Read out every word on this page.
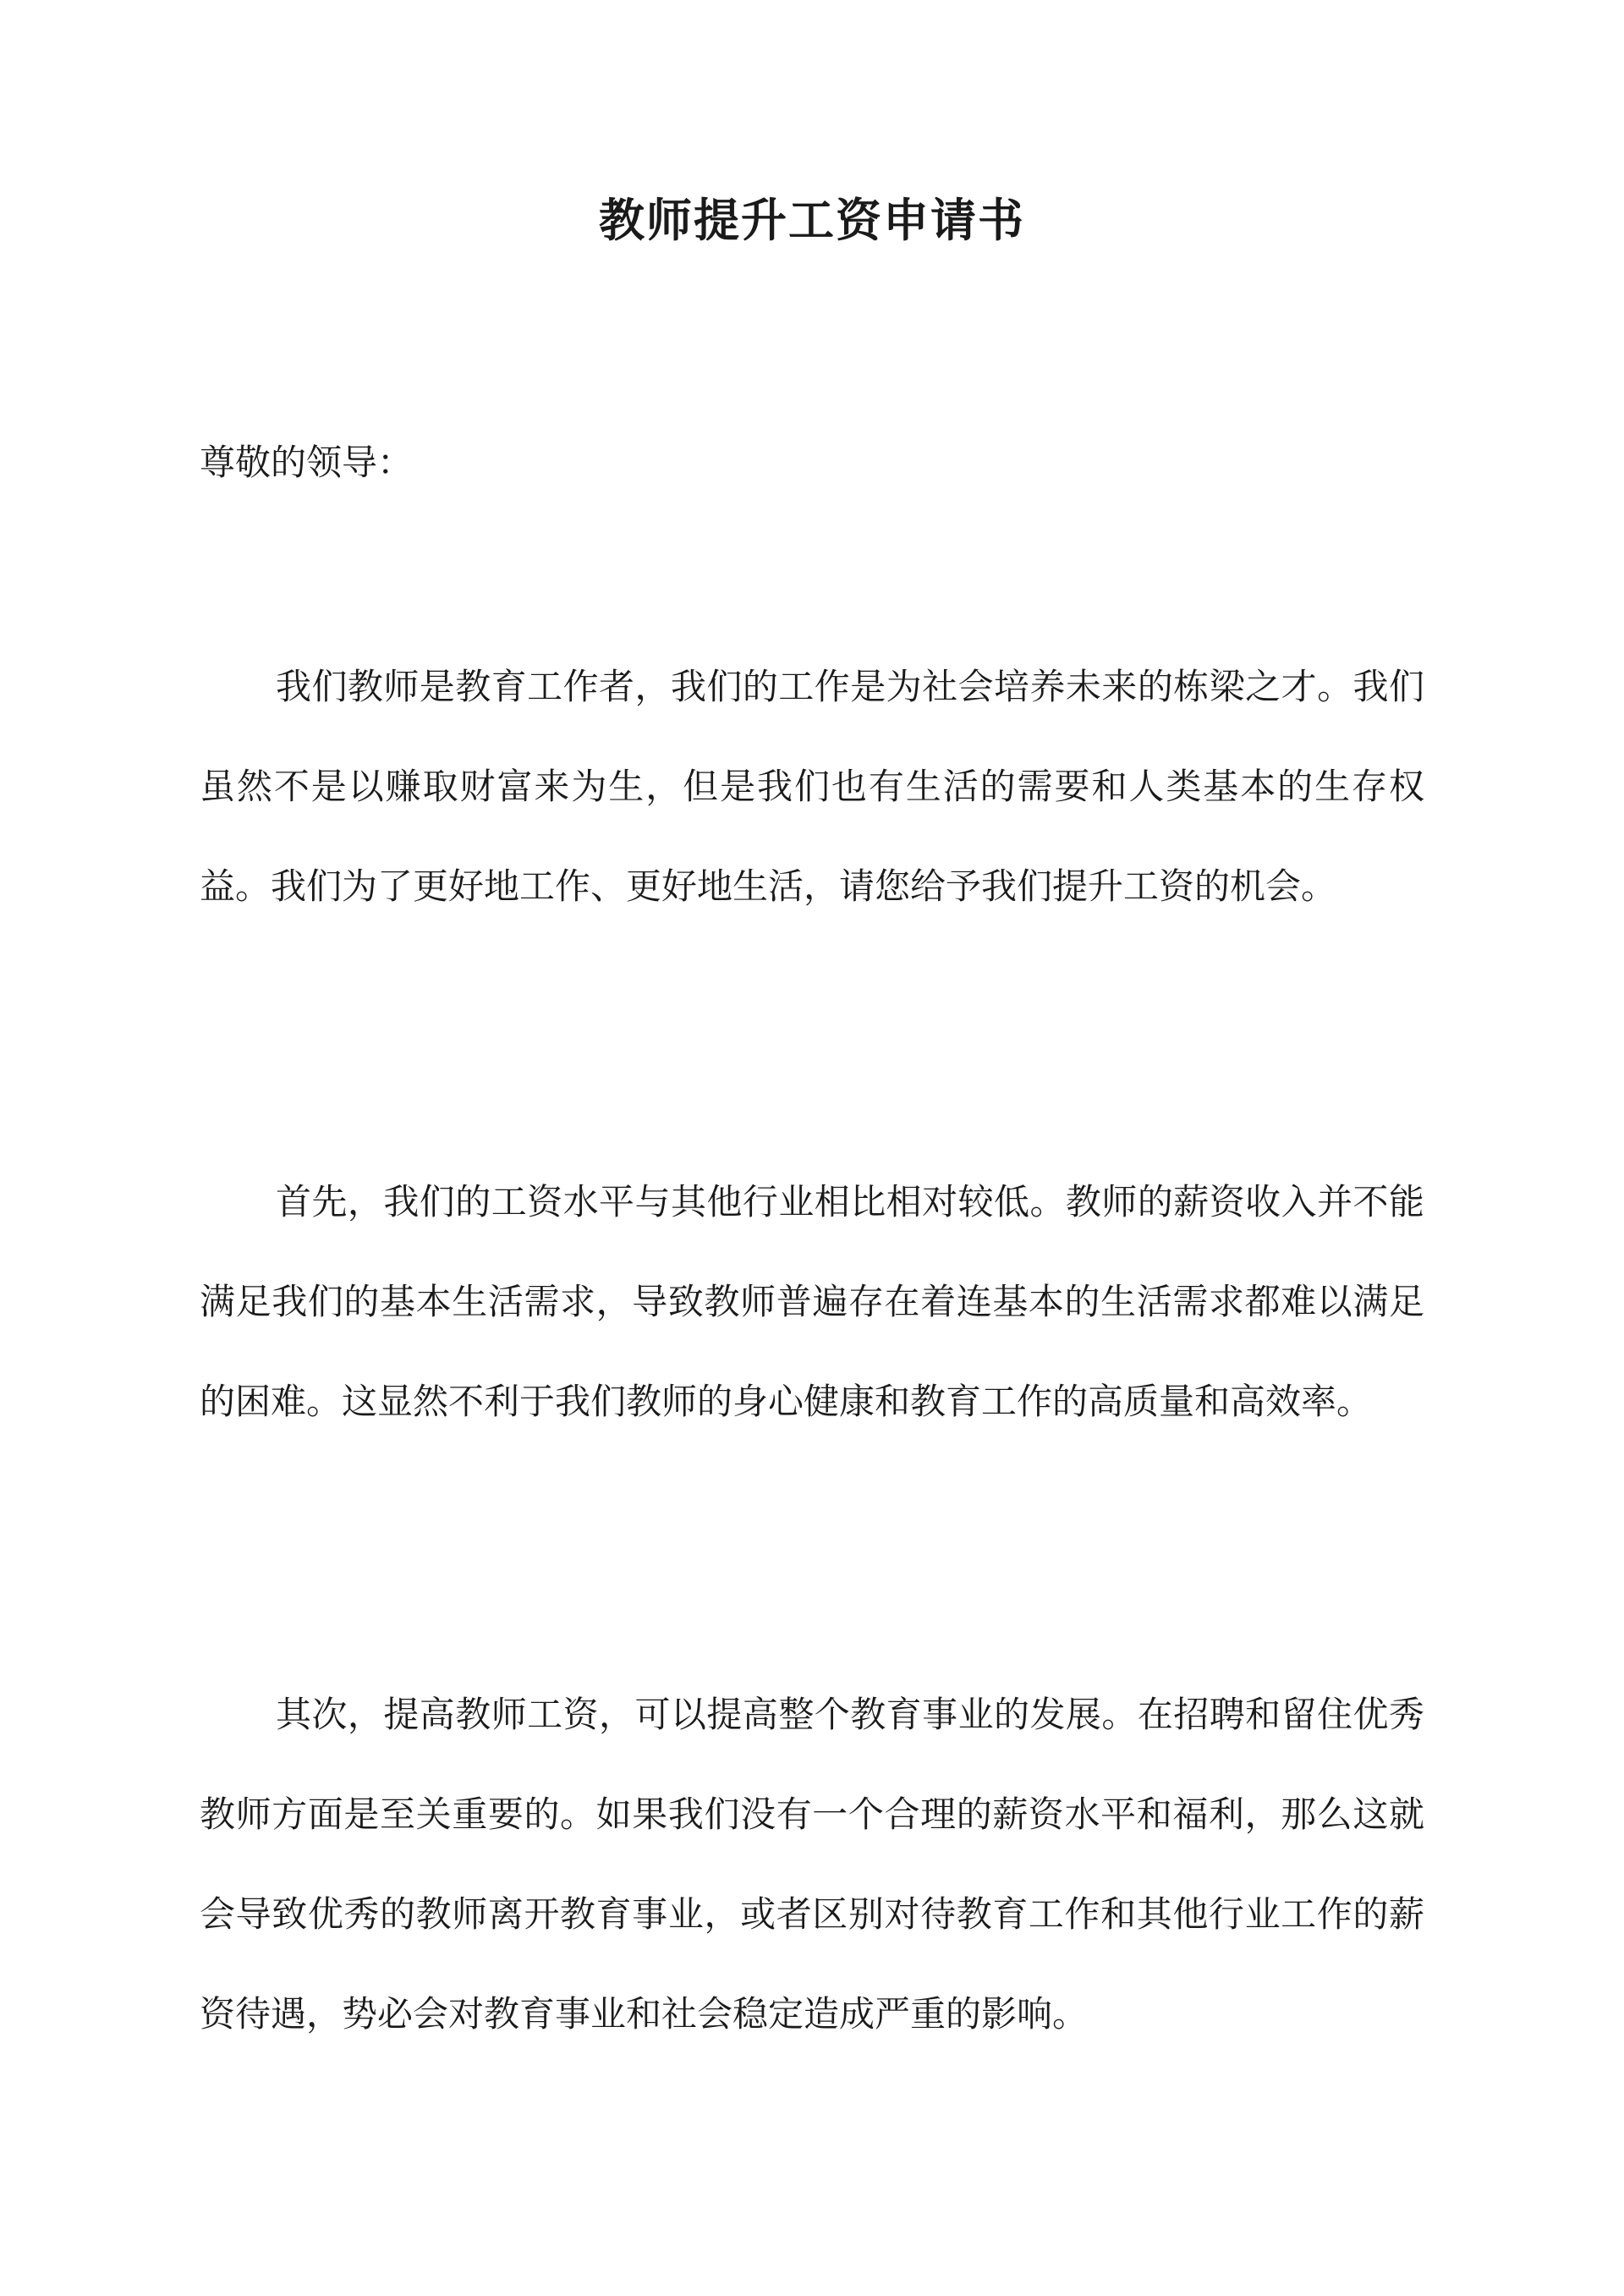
教师提升工资申请书

尊敬的领导：

我们教师是教育工作者，我们的工作是为社会培养未来的栋梁之才。我们虽然不是以赚取财富来为生，但是我们也有生活的需要和人类基本的生存权益。我们为了更好地工作、更好地生活，请您给予我们提升工资的机会。

首先，我们的工资水平与其他行业相比相对较低。教师的薪资收入并不能满足我们的基本生活需求，导致教师普遍存在着连基本的生活需求都难以满足的困难。这显然不利于我们教师的身心健康和教育工作的高质量和高效率。

其次，提高教师工资，可以提高整个教育事业的发展。在招聘和留住优秀教师方面是至关重要的。如果我们没有一个合理的薪资水平和福利，那么这就会导致优秀的教师离开教育事业，或者区别对待教育工作和其他行业工作的薪资待遇，势必会对教育事业和社会稳定造成严重的影响。
